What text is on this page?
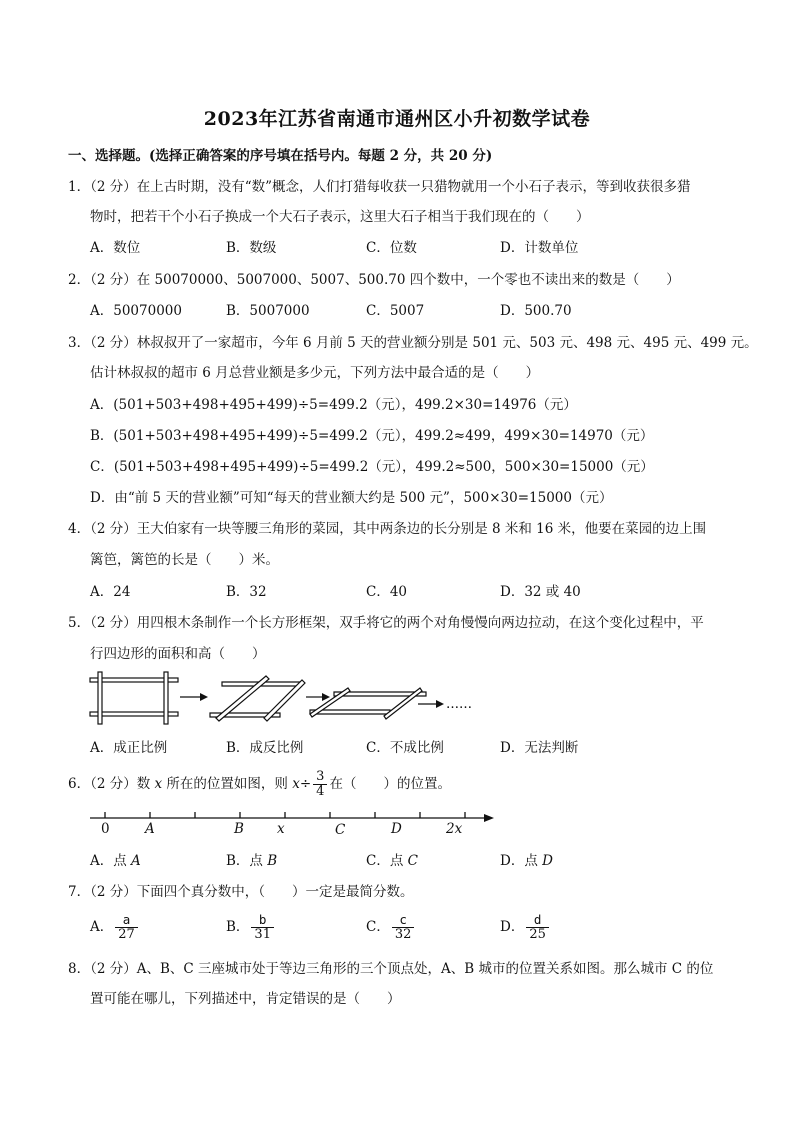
2023年江苏省南通市通州区小升初数学试卷
一、选择题。(选择正确答案的序号填在括号内。每题 2 分，共 20 分)
1．（2 分）在上古时期，没有“数”概念，人们打猎每收获一只猎物就用一个小石子表示，等到收获很多猎
物时，把若干个小石子换成一个大石子表示，这里大石子相当于我们现在的（　　）
A．数位	B．数级	C．位数	D．计数单位
2．（2 分）在 50070000、5007000、5007、500.70 四个数中，一个零也不读出来的数是（　　）
A．50070000	B．5007000	C．5007	D．500.70
3．（2 分）林叔叔开了一家超市，今年 6 月前 5 天的营业额分别是 501 元、503 元、498 元、495 元、499 元。
估计林叔叔的超市 6 月总营业额是多少元，下列方法中最合适的是（　　）
A．(501+503+498+495+499)÷5=499.2（元），499.2×30=14976（元）
B．(501+503+498+495+499)÷5=499.2（元），499.2≈499，499×30=14970（元）
C．(501+503+498+495+499)÷5=499.2（元），499.2≈500，500×30=15000（元）
D．由“前 5 天的营业额”可知“每天的营业额大约是 500 元”，500×30=15000（元）
4．（2 分）王大伯家有一块等腰三角形的菜园，其中两条边的长分别是 8 米和 16 米，他要在菜园的边上围
篱笆，篱笆的长是（　　）米。
A．24	B．32	C．40	D．32 或 40
5．（2 分）用四根木条制作一个长方形框架，双手将它的两个对角慢慢向两边拉动，在这个变化过程中，平
行四边形的面积和高（　　）
……
A．成正比例	B．成反比例	C．不成比例	D．无法判断
6．（2 分）数 x 所在的位置如图，则 $x\div \frac{3}{4}$ 在（　　）的位置。
0	A	B x	C	D	2x
A．点 A	B．点 B	C．点 C	D．点 D
7．（2 分）下面四个真分数中，（　　）一定是最简分数。
A． $\frac{a}{27}$	B． $\frac{b}{31}$	C． $\frac{c}{32}$	D． $\frac{d}{25}$
8．（2 分）A、B、C 三座城市处于等边三角形的三个顶点处，A、B 城市的位置关系如图。那么城市 C 的位
置可能在哪儿，下列描述中，肯定错误的是（　　）
